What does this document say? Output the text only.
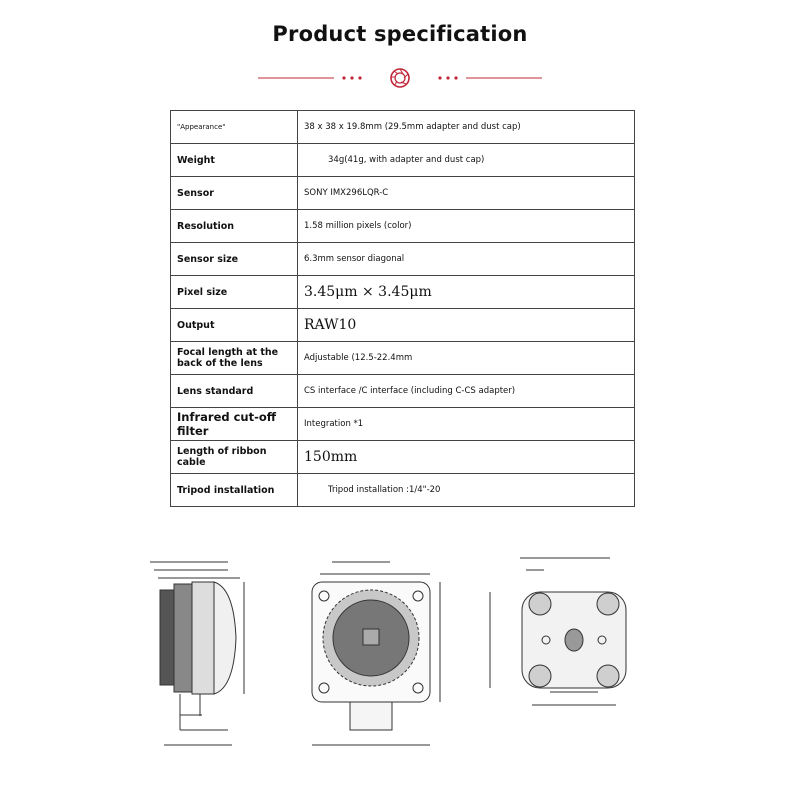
Product specification
"Appearance"	38 x 38 x 19.8mm (29.5mm adapter and dust cap)
Weight	34g(41g, with adapter and dust cap)
Sensor	SONY IMX296LQR-C
Resolution	1.58 million pixels (color)
Sensor size	6.3mm sensor diagonal
Pixel size	3.45μm × 3.45μm
Output	RAW10
Focal length at the back of the lens	Adjustable (12.5-22.4mm
Lens standard	CS interface /C interface (including C-CS adapter)
Infrared cut-off filter	Integration *1
Length of ribbon cable	150mm
Tripod installation	Tripod installation :1/4"-20
